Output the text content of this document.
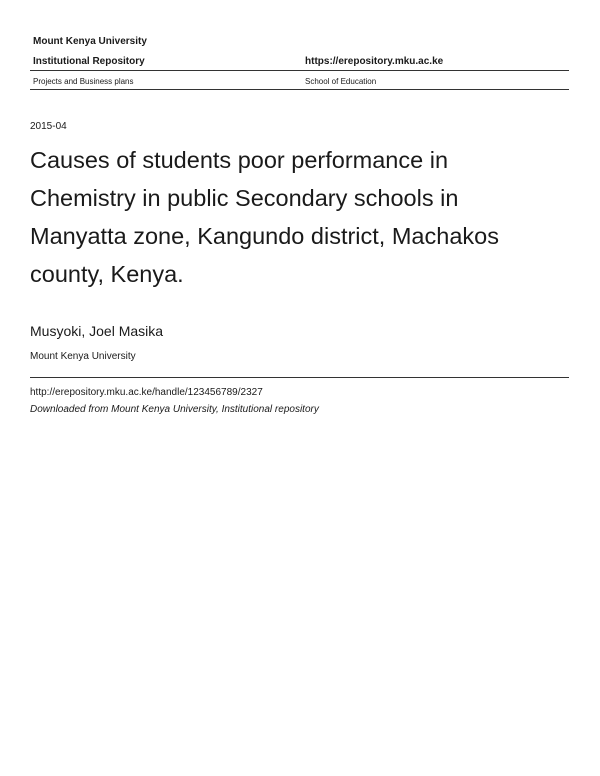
Mount Kenya University
Institutional Repository	https://erepository.mku.ac.ke
Projects and Business plans	School of Education
2015-04
Causes of students poor performance in Chemistry in public Secondary schools in Manyatta zone, Kangundo district, Machakos county, Kenya.
Musyoki, Joel Masika
Mount Kenya University
http://erepository.mku.ac.ke/handle/123456789/2327
Downloaded from Mount Kenya University, Institutional repository
